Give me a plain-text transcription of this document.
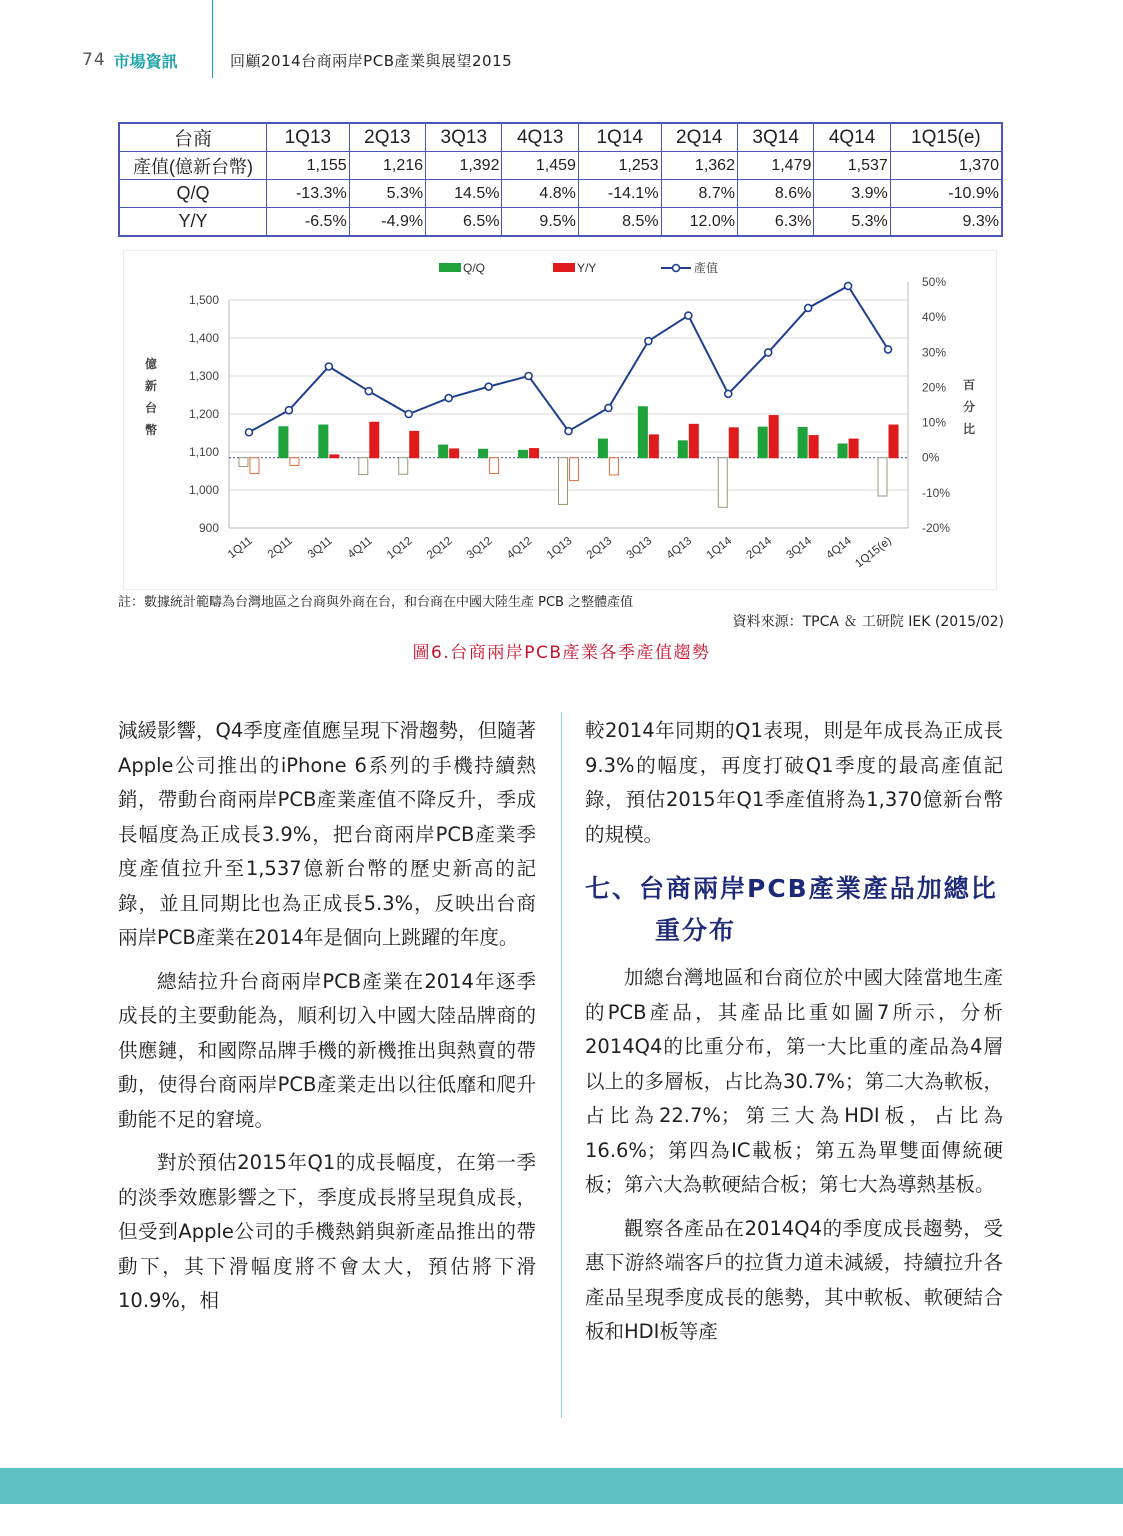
74 市場資訊	回顧2014台商兩岸PCB產業與展望2015
台商	1Q13	2Q13	3Q13	4Q13	1Q14	2Q14	3Q14	4Q14	1Q15(e)
產值(億新台幣)	1,155	1,216	1,392	1,459	1,253	1,362	1,479	1,537	1,370
Q/Q	-13.3%	5.3%	14.5%	4.8%	-14.1%	8.7%	8.6%	3.9%	-10.9%
Y/Y	-6.5%	-4.9%	6.5%	9.5%	8.5%	12.0%	6.3%	5.3%	9.3%
1,500
1,400
1,300
1,200
1,100
1,000
900
50%
40%
30%
20%
10%
0%
-10%
-20%
億
新
台
幣
百
分
比
1Q11 2Q11 3Q11 4Q11 1Q12 2Q12 3Q12 4Q12 1Q13 2Q13 3Q13 4Q13 1Q14 2Q14 3Q14 4Q14 1Q15(e)
Q/Q	Y/Y	產值
註：數據統計範疇為台灣地區之台商與外商在台，和台商在中國大陸生產 PCB 之整體產值
資料來源：TPCA ＆ 工研院 IEK (2015/02)
圖6.台商兩岸PCB產業各季產值趨勢

減緩影響，Q4季度產值應呈現下滑趨勢，但隨著Apple公司推出的iPhone 6系列的手機持續熱銷，帶動台商兩岸PCB產業產值不降反升，季成長幅度為正成長3.9%，把台商兩岸PCB產業季度產值拉升至1,537億新台幣的歷史新高的記錄，並且同期比也為正成長5.3%，反映出台商兩岸PCB產業在2014年是個向上跳躍的年度。

總結拉升台商兩岸PCB產業在2014年逐季成長的主要動能為，順利切入中國大陸品牌商的供應鏈，和國際品牌手機的新機推出與熱賣的帶動，使得台商兩岸PCB產業走出以往低靡和爬升動能不足的窘境。

對於預估2015年Q1的成長幅度，在第一季的淡季效應影響之下，季度成長將呈現負成長，但受到Apple公司的手機熱銷與新產品推出的帶動下，其下滑幅度將不會太大，預估將下滑10.9%，相

較2014年同期的Q1表現，則是年成長為正成長9.3%的幅度，再度打破Q1季度的最高產值記錄，預估2015年Q1季產值將為1,370億新台幣的規模。

七、台商兩岸PCB產業產品加總比重分布

加總台灣地區和台商位於中國大陸當地生產的PCB產品，其產品比重如圖7所示，分析2014Q4的比重分布，第一大比重的產品為4層以上的多層板，占比為30.7%；第二大為軟板，占比為22.7%；第三大為HDI板，占比為16.6%；第四為IC載板；第五為單雙面傳統硬板；第六大為軟硬結合板；第七大為導熱基板。

觀察各產品在2014Q4的季度成長趨勢，受惠下游終端客戶的拉貨力道未減緩，持續拉升各產品呈現季度成長的態勢，其中軟板、軟硬結合板和HDI板等產
